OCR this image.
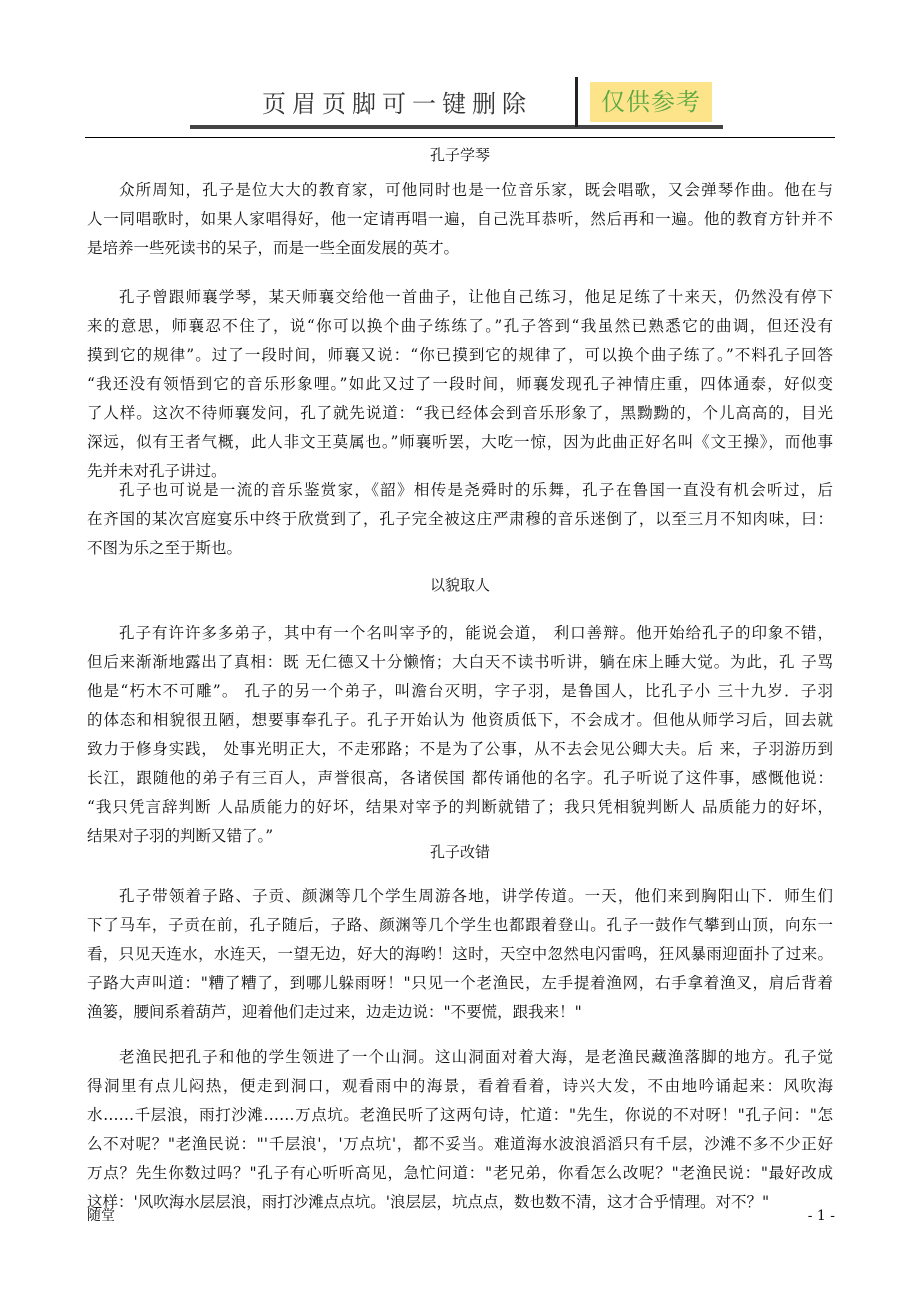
页眉页脚可一键删除	仅供参考
孔子学琴
众所周知，孔子是位大大的教育家，可他同时也是一位音乐家，既会唱歌，又会弹琴作曲。他在与
人一同唱歌时，如果人家唱得好，他一定请再唱一遍，自己洗耳恭听，然后再和一遍。他的教育方针并不
是培养一些死读书的呆子，而是一些全面发展的英才。
孔子曾跟师襄学琴，某天师襄交给他一首曲子，让他自己练习，他足足练了十来天，仍然没有停下
来的意思，师襄忍不住了，说“你可以换个曲子练练了。”孔子答到“我虽然已熟悉它的曲调，但还没有
摸到它的规律”。过了一段时间，师襄又说：“你已摸到它的规律了，可以换个曲子练了。”不料孔子回答
“我还没有领悟到它的音乐形象哩。”如此又过了一段时间，师襄发现孔子神情庄重，四体通泰，好似变
了人样。这次不待师襄发问，孔了就先说道：“我已经体会到音乐形象了，黑黝黝的，个儿高高的，目光
深远，似有王者气概，此人非文王莫属也。”师襄听罢，大吃一惊，因为此曲正好名叫《文王操》，而他事
先并未对孔子讲过。
孔子也可说是一流的音乐鉴赏家，《韶》相传是尧舜时的乐舞，孔子在鲁国一直没有机会听过，后
在齐国的某次宫庭宴乐中终于欣赏到了，孔子完全被这庄严肃穆的音乐迷倒了，以至三月不知肉味，曰：
不图为乐之至于斯也。
以貌取人
孔子有许许多多弟子，其中有一个名叫宰予的，能说会道， 利口善辩。他开始给孔子的印象不错，
但后来渐渐地露出了真相：既 无仁德又十分懒惰；大白天不读书听讲，躺在床上睡大觉。为此，孔 子骂
他是“朽木不可雕”。 孔子的另一个弟子，叫澹台灭明，字子羽，是鲁国人，比孔子小 三十九岁．子羽
的体态和相貌很丑陋，想要事奉孔子。孔子开始认为 他资质低下，不会成才。但他从师学习后，回去就
致力于修身实践， 处事光明正大，不走邪路；不是为了公事，从不去会见公卿大夫。后 来，子羽游历到
长江，跟随他的弟子有三百人，声誉很高，各诸侯国 都传诵他的名字。孔子听说了这件事，感慨他说：
“我只凭言辞判断 人品质能力的好坏，结果对宰予的判断就错了；我只凭相貌判断人 品质能力的好坏，
结果对子羽的判断又错了。”
孔子改错
孔子带领着子路、子贡、颜渊等几个学生周游各地，讲学传道。一天，他们来到胸阳山下．师生们
下了马车，子贡在前，孔子随后，子路、颜渊等几个学生也都跟着登山。孔子一鼓作气攀到山顶，向东一
看，只见天连水，水连天，一望无边，好大的海哟！这时，天空中忽然电闪雷鸣，狂风暴雨迎面扑了过来。
子路大声叫道："糟了糟了，到哪儿躲雨呀！"只见一个老渔民，左手提着渔网，右手拿着渔叉，肩后背着
渔篓，腰间系着葫芦，迎着他们走过来，边走边说："不要慌，跟我来！"
老渔民把孔子和他的学生领进了一个山洞。这山洞面对着大海，是老渔民藏渔落脚的地方。孔子觉
得洞里有点儿闷热，便走到洞口，观看雨中的海景，看着看着，诗兴大发，不由地吟诵起来：风吹海
水……千层浪，雨打沙滩……万点坑。老渔民听了这两句诗，忙道："先生，你说的不对呀！"孔子问："怎
么不对呢？"老渔民说："'千层浪'，'万点坑'，都不妥当。难道海水波浪滔滔只有千层，沙滩不多不少正好
万点？先生你数过吗？"孔子有心听听高见，急忙问道："老兄弟，你看怎么改呢？"老渔民说："最好改成
这样：'风吹海水层层浪，雨打沙滩点点坑。'浪层层，坑点点，数也数不清，这才合乎情理。对不？"
随堂	- 1 -
